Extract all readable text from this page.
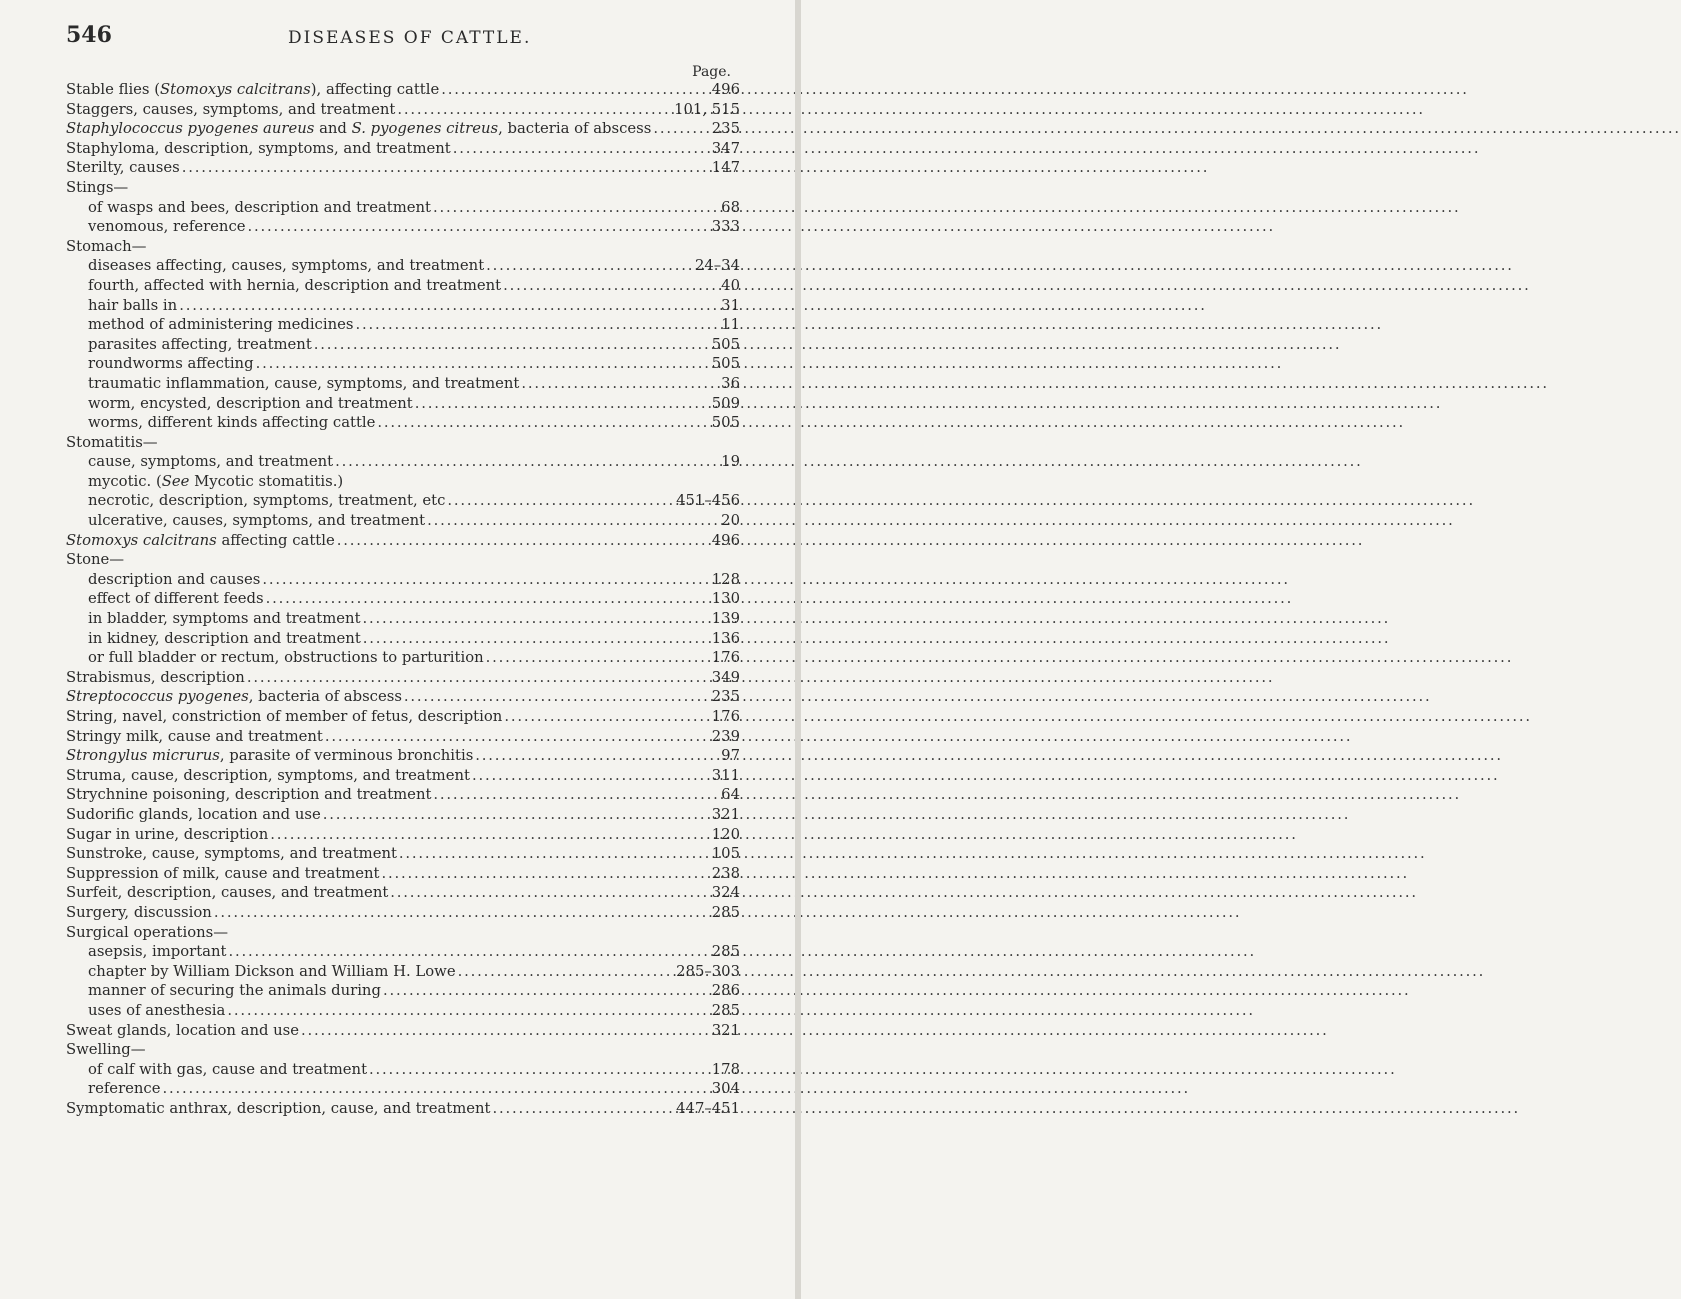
546	DISEASES OF CATTLE.
Page.
Stable flies (Stomoxys calcitrans), affecting cattle .....	496
Staggers, causes, symptoms, and treatment .....	101, 515
Staphylococcus pyogenes aureus and S. pyogenes citreus, bacteria of abscess .....	235
Staphyloma, description, symptoms, and treatment .....	347
Sterilty, causes .....	147
Stings—
of wasps and bees, description and treatment .....	68
venomous, reference .....	333
Stomach—
diseases affecting, causes, symptoms, and treatment .....	24–34
fourth, affected with hernia, description and treatment .....	40
hair balls in .....	31
method of administering medicines .....	11
parasites affecting, treatment .....	505
roundworms affecting .....	505
traumatic inflammation, cause, symptoms, and treatment .....	36
worm, encysted, description and treatment .....	509
worms, different kinds affecting cattle .....	505
Stomatitis—
cause, symptoms, and treatment .....	19
mycotic. (See Mycotic stomatitis.)
necrotic, description, symptoms, treatment, etc .....	451–456
ulcerative, causes, symptoms, and treatment .....	20
Stomoxys calcitrans affecting cattle .....	496
Stone—
description and causes .....	128
effect of different feeds .....	130
in bladder, symptoms and treatment .....	139
in kidney, description and treatment .....	136
or full bladder or rectum, obstructions to parturition .....	176
Strabismus, description .....	349
Streptococcus pyogenes, bacteria of abscess .....	235
String, navel, constriction of member of fetus, description .....	176
Stringy milk, cause and treatment .....	239
Strongylus micrurus, parasite of verminous bronchitis .....	97
Struma, cause, description, symptoms, and treatment .....	311
Strychnine poisoning, description and treatment .....	64
Sudorific glands, location and use .....	321
Sugar in urine, description .....	120
Sunstroke, cause, symptoms, and treatment .....	105
Suppression of milk, cause and treatment .....	238
Surfeit, description, causes, and treatment .....	324
Surgery, discussion .....	285
Surgical operations—
asepsis, important .....	285
chapter by William Dickson and William H. Lowe .....	285–303
manner of securing the animals during .....	286
uses of anesthesia .....	285
Sweat glands, location and use .....	321
Swelling—
of calf with gas, cause and treatment .....	178
reference .....	304
Symptomatic anthrax, description, cause, and treatment .....	447–451
